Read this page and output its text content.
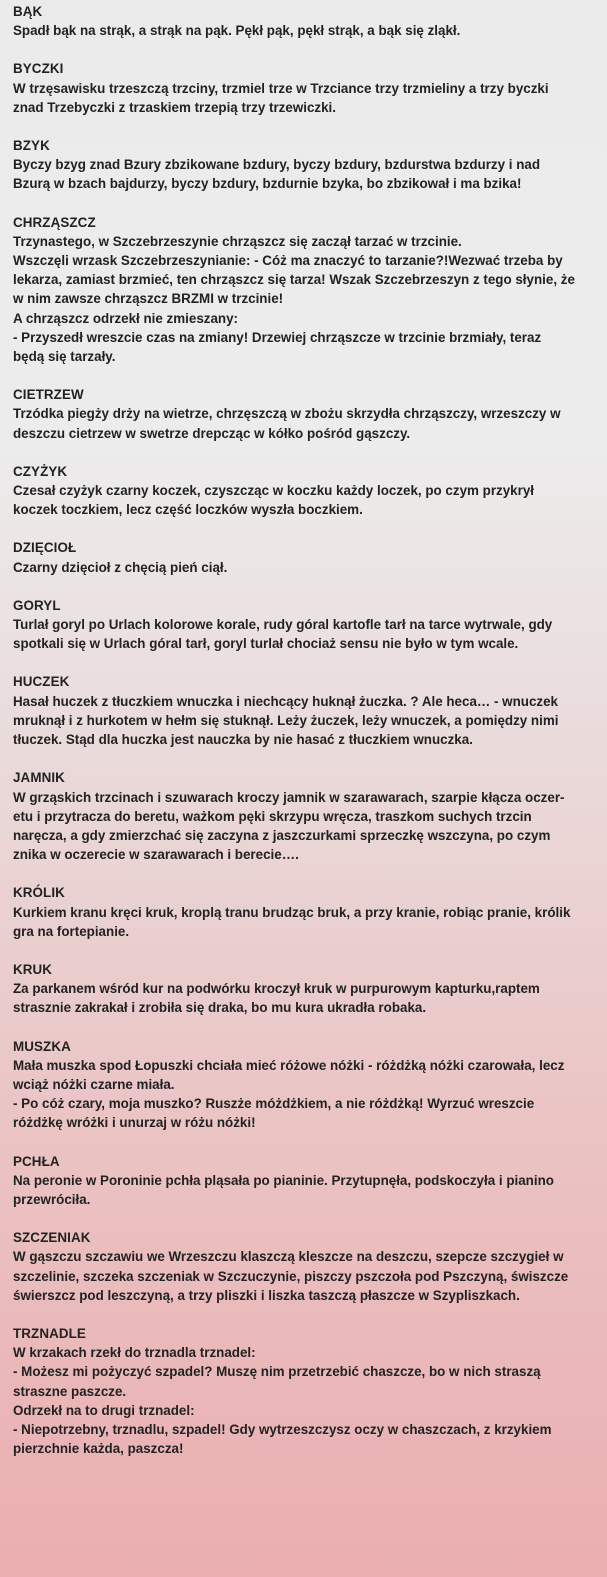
BĄK
Spadł bąk na strąk, a strąk na pąk. Pękł pąk, pękł strąk, a bąk się zląkł.
BYCZKI
W trzęsawisku trzeszczą trzciny, trzmiel trze w Trzciance trzy trzmieliny a trzy byczki
znad Trzebyczki z trzaskiem trzepią trzy trzewiczki.
BZYK
Byczy bzyg znad Bzury zbzikowane bzdury, byczy bzdury, bzdurstwa bzdurzy i nad
Bzurą w bzach bajdurzy, byczy bzdury, bzdurnie bzyka, bo zbzikował i ma bzika!
CHRZĄSZCZ
Trzynastego, w Szczebrzeszynie chrząszcz się zaczął tarzać w trzcinie.
Wszczęli wrzask Szczebrzeszynianie: - Cóż ma znaczyć to tarzanie?!Wezwać trzeba by
lekarza, zamiast brzmieć, ten chrząszcz się tarza! Wszak Szczebrzeszyn z tego słynie, że
w nim zawsze chrząszcz BRZMI w trzcinie!
A chrząszcz odrzekł nie zmieszany:
- Przyszedł wreszcie czas na zmiany! Drzewiej chrząszcze w trzcinie brzmiały, teraz
będą się tarzały.
CIETRZEW
Trzódka piegży drży na wietrze, chrzęszczą w zbożu skrzydła chrząszczy, wrzeszczy w
deszczu cietrzew w swetrze drepcząc w kółko pośród gąszczy.
CZYŻYK
Czesał czyżyk czarny koczek, czyszcząc w koczku każdy loczek, po czym przykrył
koczek toczkiem, lecz część loczków wyszła boczkiem.
DZIĘCIOŁ
Czarny dzięcioł z chęcią pień ciął.
GORYL
Turlał goryl po Urlach kolorowe korale, rudy góral kartofle tarł na tarce wytrwale, gdy
spotkali się w Urlach góral tarł, goryl turlał chociaż sensu nie było w tym wcale.
HUCZEK
Hasał huczek z tłuczkiem wnuczka i niechcący huknął żuczka. ? Ale heca… - wnuczek
mruknął i z hurkotem w hełm się stuknął. Leży żuczek, leży wnuczek, a pomiędzy nimi
tłuczek. Stąd dla huczka jest nauczka by nie hasać z tłuczkiem wnuczka.
JAMNIK
W grząskich trzcinach i szuwarach kroczy jamnik w szarawarach, szarpie kłącza oczer-
etu i przytracza do beretu, ważkom pęki skrzypu wręcza, traszkom suchych trzcin
naręcza, a gdy zmierzchać się zaczyna z jaszczurkami sprzeczkę wszczyna, po czym
znika w oczerecie w szarawarach i berecie….
KRÓLIK
Kurkiem kranu kręci kruk, kroplą tranu brudząc bruk, a przy kranie, robiąc pranie, królik
gra na fortepianie.
KRUK
Za parkanem wśród kur na podwórku kroczył kruk w purpurowym kapturku,raptem
strasznie zakrakał i zrobiła się draka, bo mu kura ukradła robaka.
MUSZKA
Mała muszka spod Łopuszki chciała mieć różowe nóżki - różdżką nóżki czarowała, lecz
wciąż nóżki czarne miała.
- Po cóż czary, moja muszko? Ruszże móżdżkiem, a nie różdżką! Wyrzuć wreszcie
różdżkę wróżki i unurzaj w różu nóżki!
PCHŁA
Na peronie w Poroninie pchła pląsała po pianinie. Przytupnęła, podskoczyła i pianino
przewróciła.
SZCZENIAK
W gąszczu szczawiu we Wrzeszczu klaszczą kleszcze na deszczu, szepcze szczygieł w
szczelinie, szczeka szczeniak w Szczuczynie, piszczy pszczoła pod Pszczyną, świszcze
świerszcz pod leszczyną, a trzy pliszki i liszka taszczą płaszcze w Szypliszkach.
TRZNADLE
W krzakach rzekł do trznadla trznadel:
- Możesz mi pożyczyć szpadel? Muszę nim przetrzebić chaszcze, bo w nich straszą
straszne paszcze.
Odrzekł na to drugi trznadel:
- Niepotrzebny, trznadlu, szpadel! Gdy wytrzeszczysz oczy w chaszczach, z krzykiem
pierzchnie każda, paszcza!
